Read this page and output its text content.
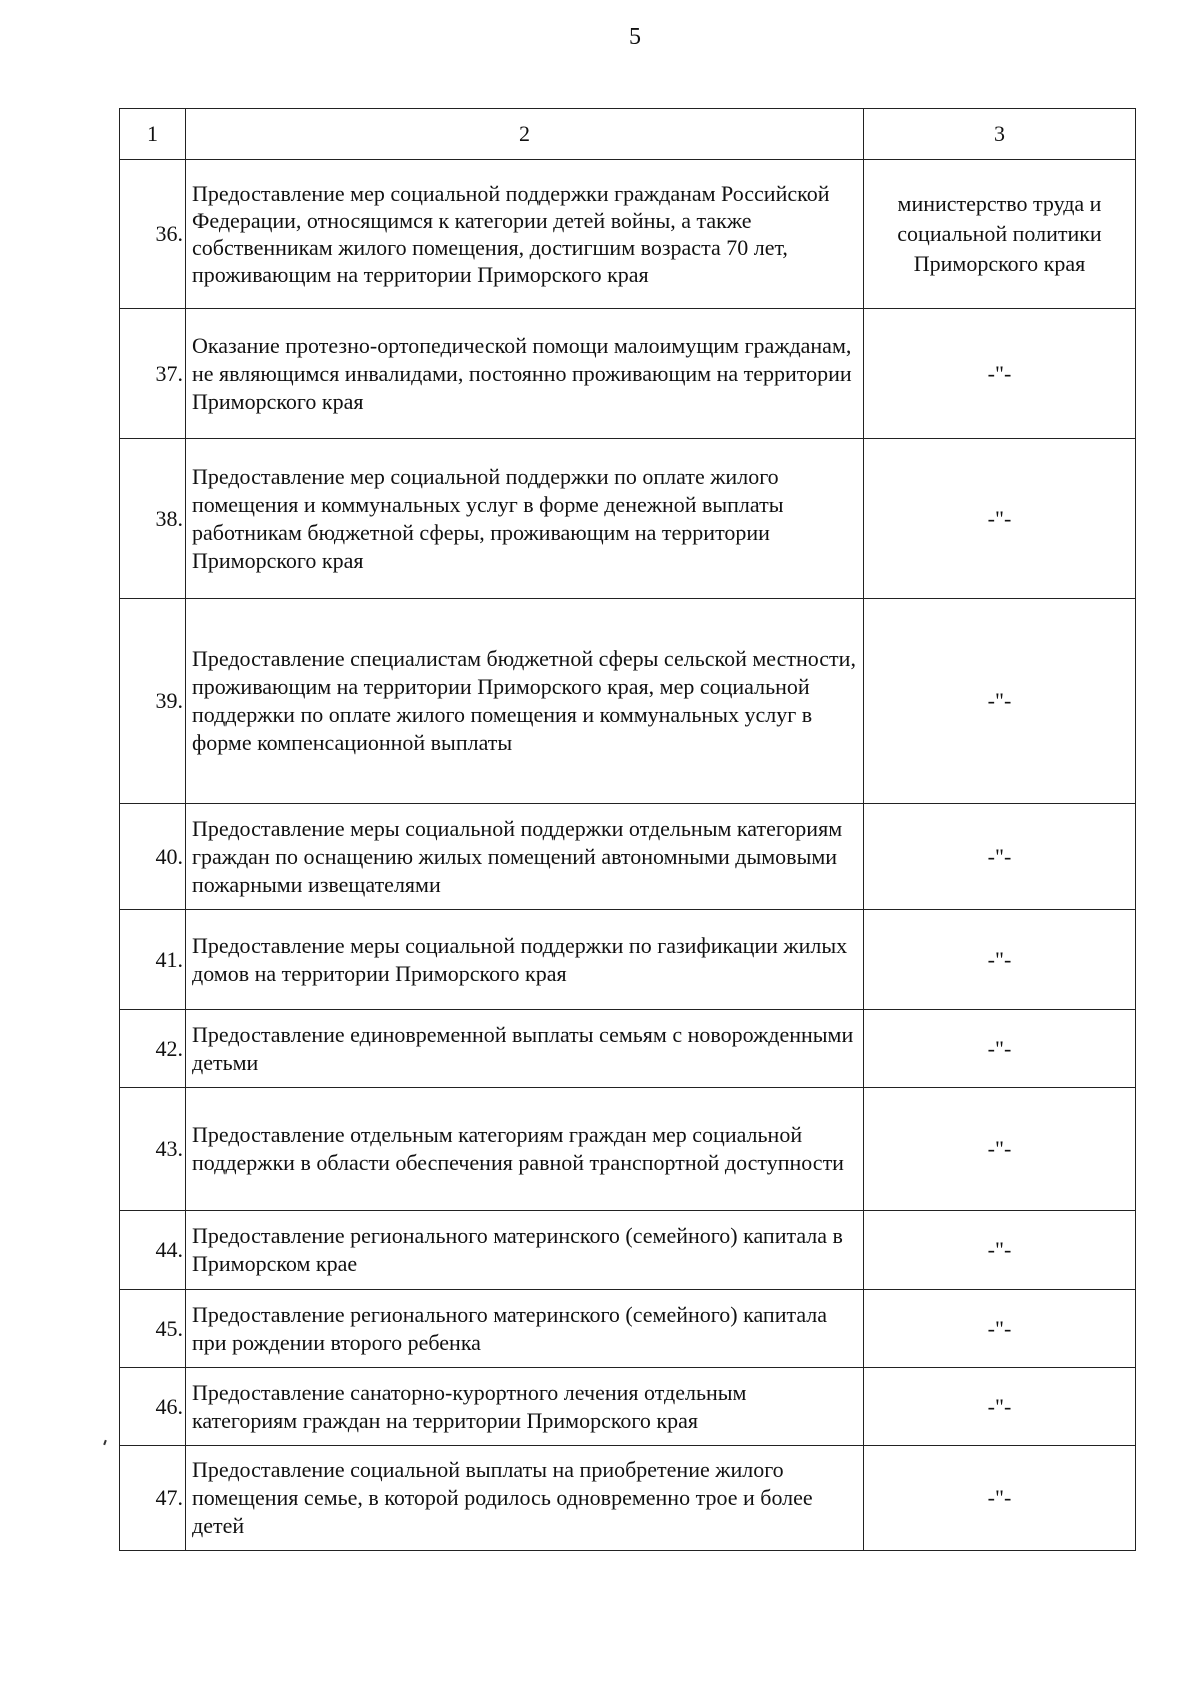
5
1	2	3
36.	Предоставление мер социальной поддержки гражданам Российской Федерации, относящимся к категории детей войны, а также собственникам жилого помещения, достигшим возраста 70 лет, проживающим на территории Приморского края	министерство труда и социальной политики Приморского края
37.	Оказание протезно-ортопедической помощи малоимущим гражданам, не являющимся инвалидами, постоянно проживающим на территории Приморского края	-"-
38.	Предоставление мер социальной поддержки по оплате жилого помещения и коммунальных услуг в форме денежной выплаты работникам бюджетной сферы, проживающим на территории Приморского края	-"-
39.	Предоставление специалистам бюджетной сферы сельской местности, проживающим на территории Приморского края, мер социальной поддержки по оплате жилого помещения и коммунальных услуг в форме компенсационной выплаты	-"-
40.	Предоставление меры социальной поддержки отдельным категориям граждан по оснащению жилых помещений автономными дымовыми пожарными извещателями	-"-
41.	Предоставление меры социальной поддержки по газификации жилых домов на территории Приморского края	-"-
42.	Предоставление единовременной выплаты семьям с новорожденными детьми	-"-
43.	Предоставление отдельным категориям граждан мер социальной поддержки в области обеспечения равной транспортной доступности	-"-
44.	Предоставление регионального материнского (семейного) капитала в Приморском крае	-"-
45.	Предоставление регионального материнского (семейного) капитала при рождении второго ребенка	-"-
46.	Предоставление санаторно-курортного лечения отдельным категориям граждан на территории Приморского края	-"-
47.	Предоставление социальной выплаты на приобретение жилого помещения семье, в которой родилось одновременно трое и более детей	-"-
